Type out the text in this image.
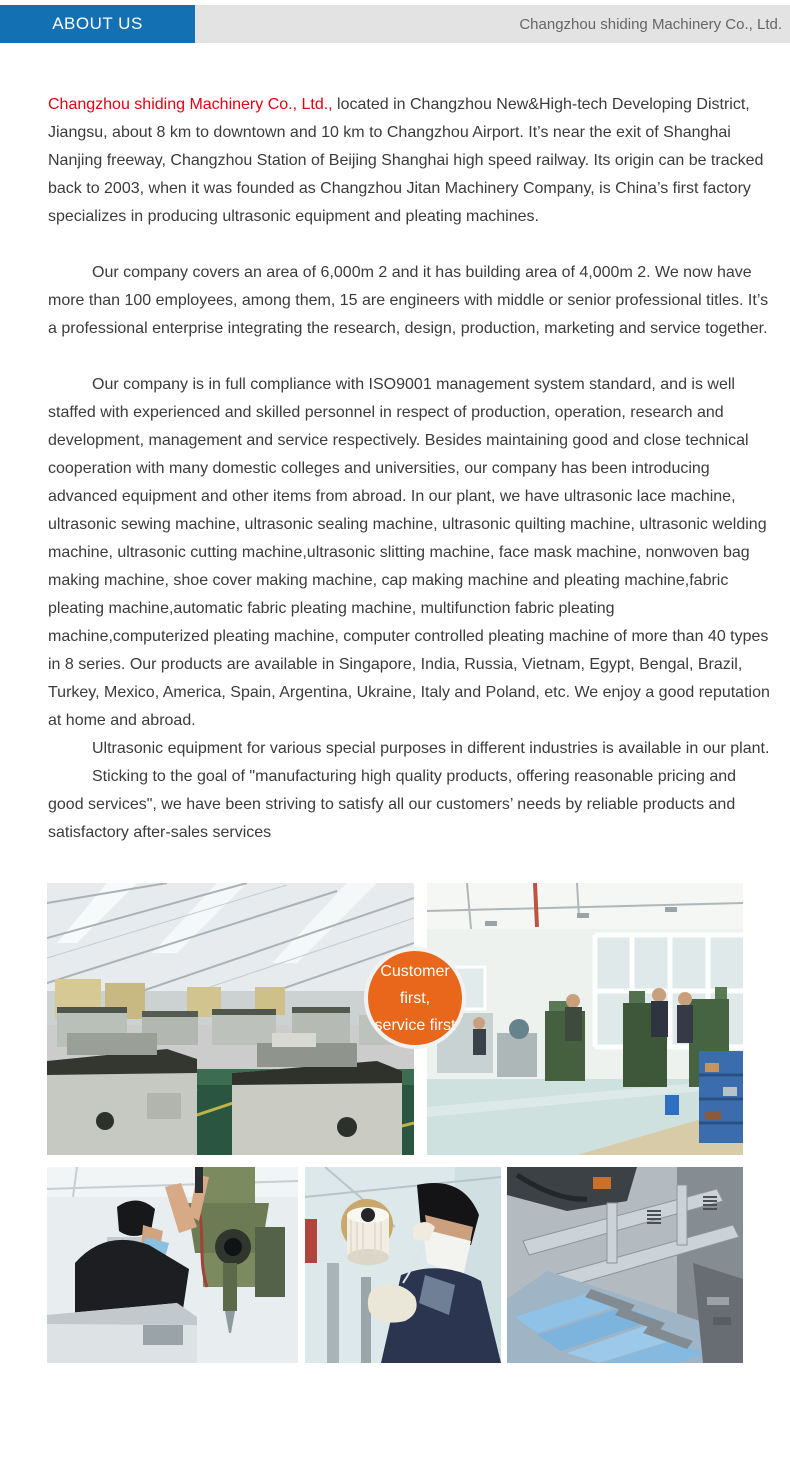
ABOUT US	Changzhou shiding Machinery Co., Ltd.

Changzhou shiding Machinery Co., Ltd., located in Changzhou New&High-tech Developing District, Jiangsu, about 8 km to downtown and 10 km to Changzhou Airport. It’s near the exit of Shanghai Nanjing freeway, Changzhou Station of Beijing Shanghai high speed railway. Its origin can be tracked back to 2003, when it was founded as Changzhou Jitan Machinery Company, is China’s first factory specializes in producing ultrasonic equipment and pleating machines.

Our company covers an area of 6,000m 2 and it has building area of 4,000m 2. We now have more than 100 employees, among them, 15 are engineers with middle or senior professional titles. It’s a professional enterprise integrating the research, design, production, marketing and service together.

Our company is in full compliance with ISO9001 management system standard, and is well staffed with experienced and skilled personnel in respect of production, operation, research and development, management and service respectively. Besides maintaining good and close technical cooperation with many domestic colleges and universities, our company has been introducing advanced equipment and other items from abroad. In our plant, we have ultrasonic lace machine, ultrasonic sewing machine, ultrasonic sealing machine, ultrasonic quilting machine, ultrasonic welding machine, ultrasonic cutting machine,ultrasonic slitting machine, face mask machine, nonwoven bag making machine, shoe cover making machine, cap making machine and pleating machine,fabric pleating machine,automatic fabric pleating machine, multifunction fabric pleating machine,computerized pleating machine, computer controlled pleating machine of more than 40 types in 8 series. Our products are available in Singapore, India, Russia, Vietnam, Egypt, Bengal, Brazil, Turkey, Mexico, America, Spain, Argentina, Ukraine, Italy and Poland, etc. We enjoy a good reputation at home and abroad.

Ultrasonic equipment for various special purposes in different industries is available in our plant.

Sticking to the goal of "manufacturing high quality products, offering reasonable pricing and good services", we have been striving to satisfy all our customers’ needs by reliable products and satisfactory after-sales services

Customer first,
service first
